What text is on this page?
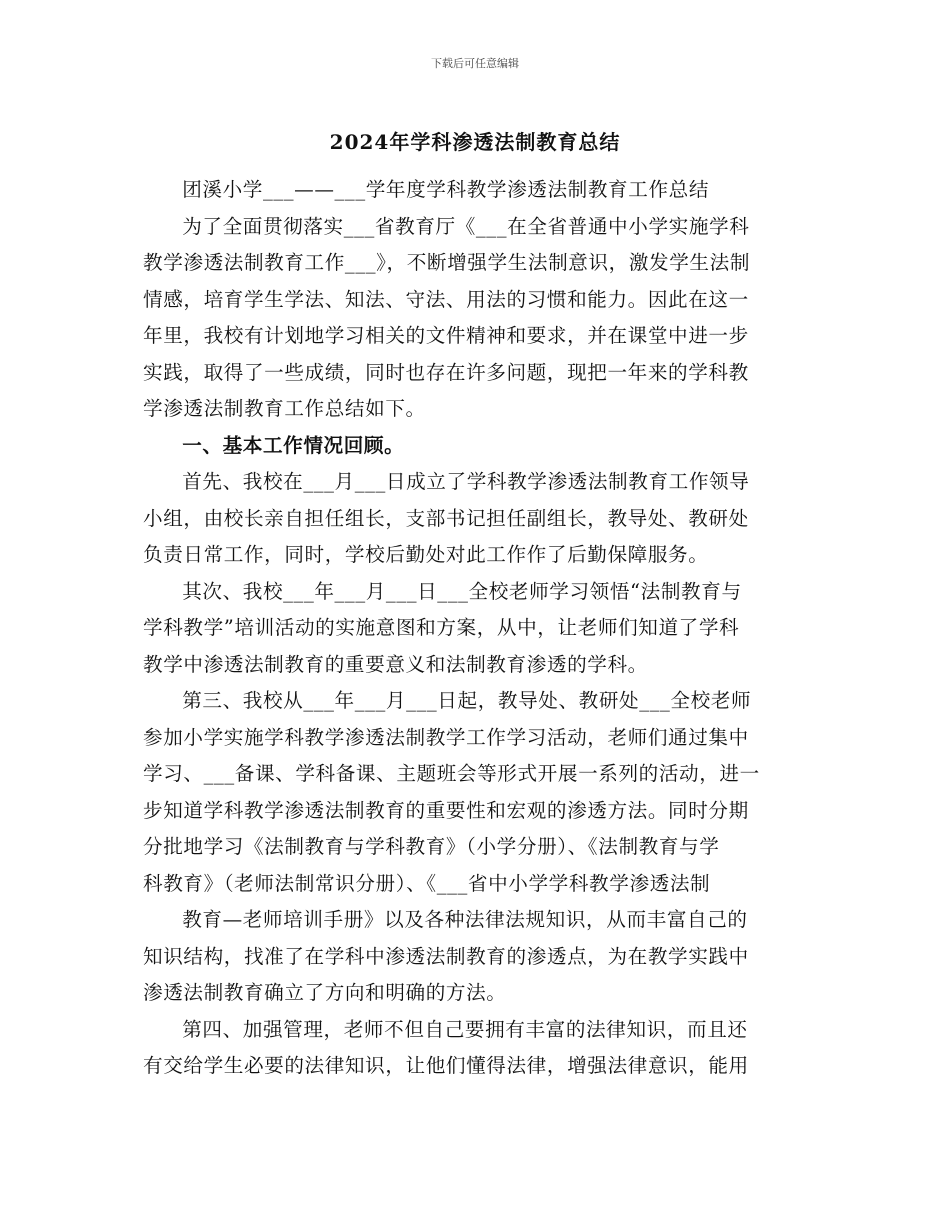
下载后可任意编辑
2024年学科渗透法制教育总结
团溪小学___——___学年度学科教学渗透法制教育工作总结
为了全面贯彻落实___省教育厅《___在全省普通中小学实施学科
教学渗透法制教育工作___》，不断增强学生法制意识，激发学生法制
情感，培育学生学法、知法、守法、用法的习惯和能力。因此在这一
年里，我校有计划地学习相关的文件精神和要求，并在课堂中进一步
实践，取得了一些成绩，同时也存在许多问题，现把一年来的学科教
学渗透法制教育工作总结如下。
一、基本工作情况回顾。
首先、我校在___月___日成立了学科教学渗透法制教育工作领导
小组，由校长亲自担任组长，支部书记担任副组长，教导处、教研处
负责日常工作，同时，学校后勤处对此工作作了后勤保障服务。
其次、我校___年___月___日___全校老师学习领悟“法制教育与
学科教学”培训活动的实施意图和方案，从中，让老师们知道了学科
教学中渗透法制教育的重要意义和法制教育渗透的学科。
第三、我校从___年___月___日起，教导处、教研处___全校老师
参加小学实施学科教学渗透法制教学工作学习活动，老师们通过集中
学习、___备课、学科备课、主题班会等形式开展一系列的活动，进一
步知道学科教学渗透法制教育的重要性和宏观的渗透方法。同时分期
分批地学习《法制教育与学科教育》（小学分册）、《法制教育与学
科教育》（老师法制常识分册）、《___省中小学学科教学渗透法制
教育—老师培训手册》以及各种法律法规知识，从而丰富自己的
知识结构，找准了在学科中渗透法制教育的渗透点，为在教学实践中
渗透法制教育确立了方向和明确的方法。
第四、加强管理，老师不但自己要拥有丰富的法律知识，而且还
有交给学生必要的法律知识，让他们懂得法律，增强法律意识，能用
